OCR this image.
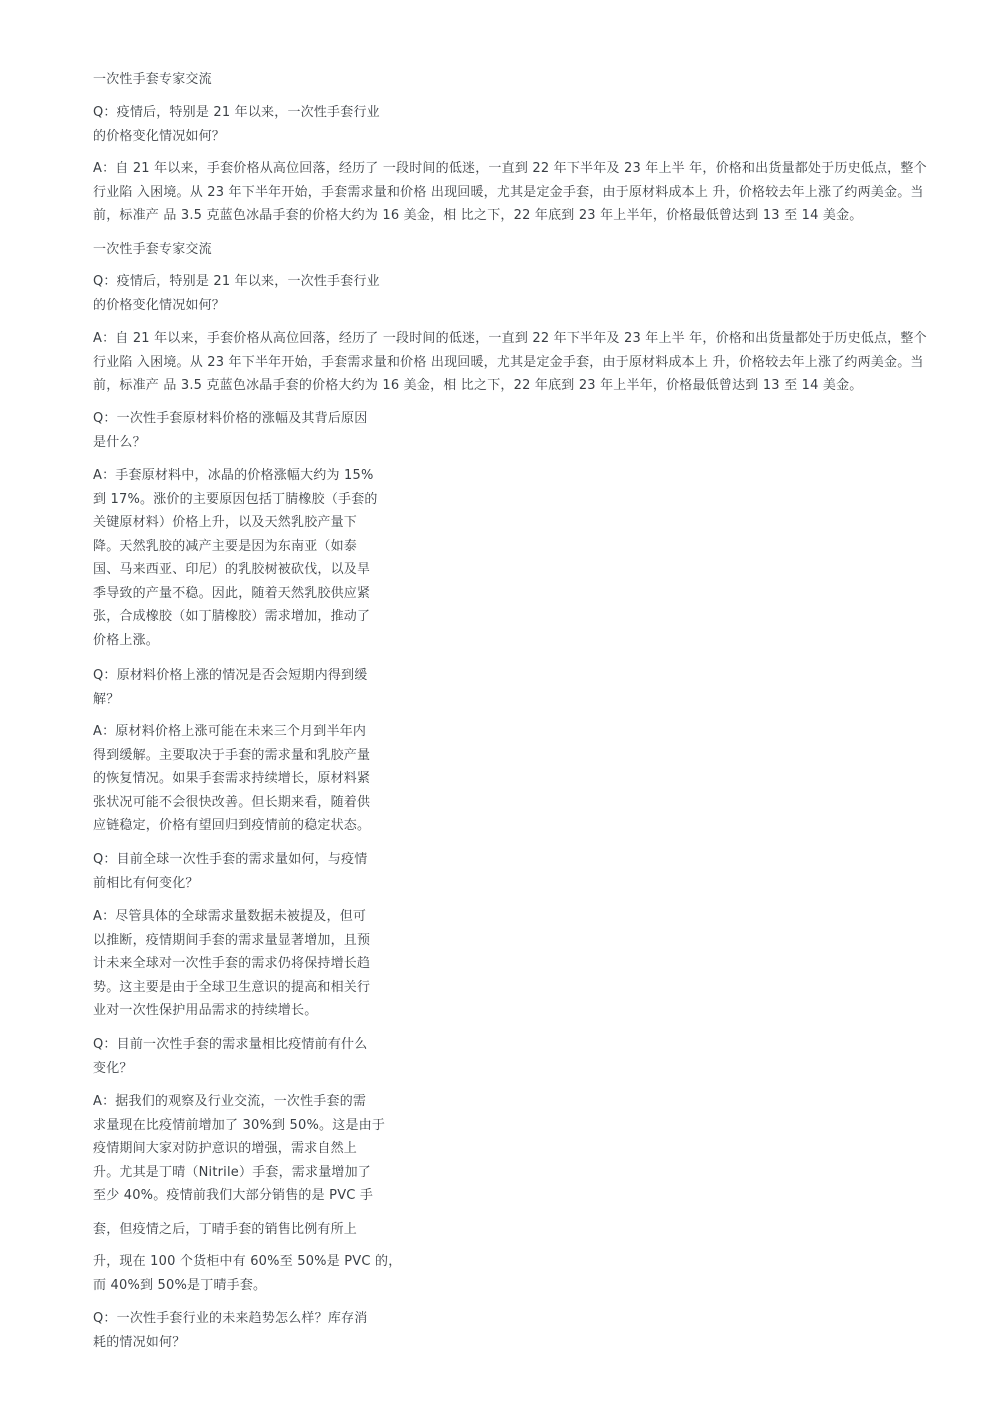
一次性手套专家交流

Q：疫情后，特别是 21 年以来，一次性手套行业
的价格变化情况如何？

A：自 21 年以来，手套价格从高位回落，经历了 一段时间的低迷，一直到 22 年下半年及 23 年上半 年，价格和出货量都处于历史低点，整个
行业陷 入困境。从 23 年下半年开始，手套需求量和价格 出现回暖，尤其是定金手套，由于原材料成本上 升，价格较去年上涨了约两美金。当
前，标准产 品 3.5 克蓝色冰晶手套的价格大约为 16 美金，相 比之下，22 年底到 23 年上半年，价格最低曾达到 13 至 14 美金。

一次性手套专家交流

Q：疫情后，特别是 21 年以来，一次性手套行业
的价格变化情况如何？

A：自 21 年以来，手套价格从高位回落，经历了 一段时间的低迷，一直到 22 年下半年及 23 年上半 年，价格和出货量都处于历史低点，整个
行业陷 入困境。从 23 年下半年开始，手套需求量和价格 出现回暖，尤其是定金手套，由于原材料成本上 升，价格较去年上涨了约两美金。当
前，标准产 品 3.5 克蓝色冰晶手套的价格大约为 16 美金，相 比之下，22 年底到 23 年上半年，价格最低曾达到 13 至 14 美金。

Q：一次性手套原材料价格的涨幅及其背后原因
是什么？

A：手套原材料中，冰晶的价格涨幅大约为 15%
到 17%。涨价的主要原因包括丁腈橡胶（手套的
关键原材料）价格上升，以及天然乳胶产量下
降。天然乳胶的减产主要是因为东南亚（如泰
国、马来西亚、印尼）的乳胶树被砍伐，以及旱
季导致的产量不稳。因此，随着天然乳胶供应紧
张，合成橡胶（如丁腈橡胶）需求增加，推动了
价格上涨。

Q：原材料价格上涨的情况是否会短期内得到缓
解？

A：原材料价格上涨可能在未来三个月到半年内
得到缓解。主要取决于手套的需求量和乳胶产量
的恢复情况。如果手套需求持续增长，原材料紧
张状况可能不会很快改善。但长期来看，随着供
应链稳定，价格有望回归到疫情前的稳定状态。

Q：目前全球一次性手套的需求量如何，与疫情
前相比有何变化？

A：尽管具体的全球需求量数据未被提及，但可
以推断，疫情期间手套的需求量显著增加，且预
计未来全球对一次性手套的需求仍将保持增长趋
势。这主要是由于全球卫生意识的提高和相关行
业对一次性保护用品需求的持续增长。

Q：目前一次性手套的需求量相比疫情前有什么
变化？

A：据我们的观察及行业交流，一次性手套的需
求量现在比疫情前增加了 30%到 50%。这是由于
疫情期间大家对防护意识的增强，需求自然上
升。尤其是丁晴（Nitrile）手套，需求量增加了
至少 40%。疫情前我们大部分销售的是 PVC 手

套，但疫情之后，丁晴手套的销售比例有所上

升，现在 100 个货柜中有 60%至 50%是 PVC 的，
而 40%到 50%是丁晴手套。

Q：一次性手套行业的未来趋势怎么样？库存消
耗的情况如何？
